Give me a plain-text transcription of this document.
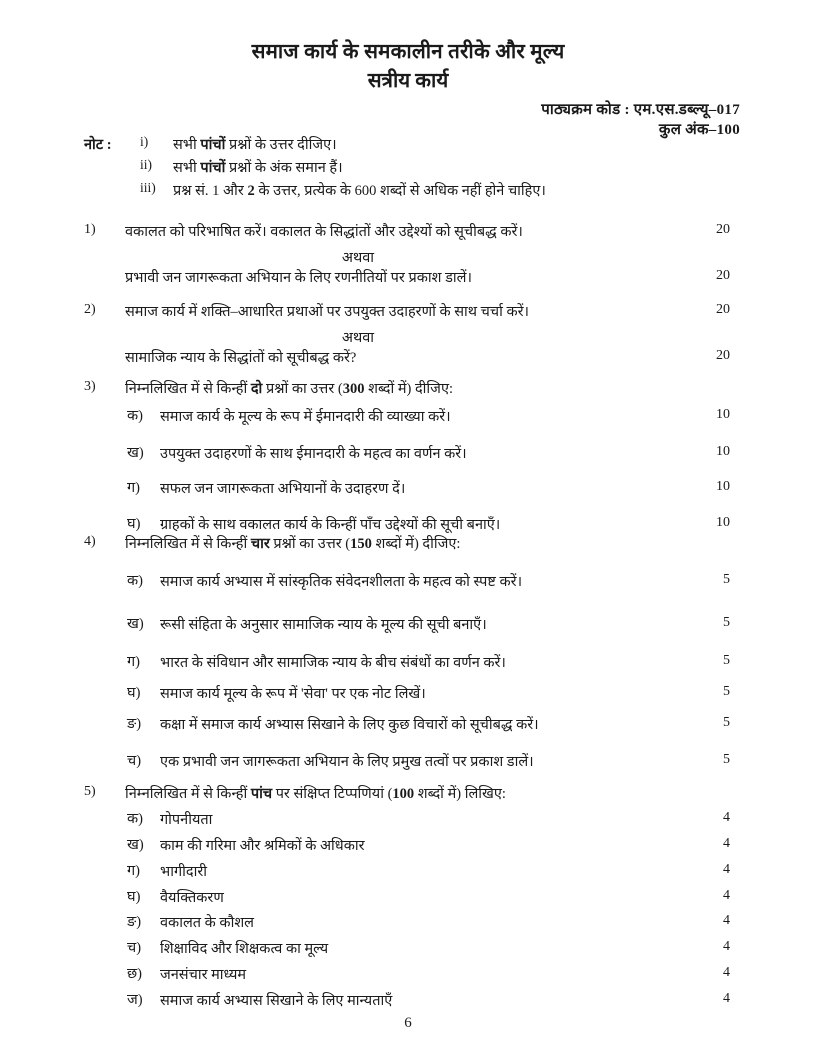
समाज कार्य के समकालीन तरीके और मूल्य
सत्रीय कार्य
पाठ्यक्रम कोड : एम.एस.डब्ल्यू–017
कुल अंक–100
नोट : i)	सभी पांचों प्रश्नों के उत्तर दीजिए।
ii)	सभी पांचों प्रश्नों के अंक समान हैं।
iii)	प्रश्न सं. 1 और 2 के उत्तर, प्रत्येक के 600 शब्दों से अधिक नहीं होने चाहिए।
1) वकालत को परिभाषित करें। वकालत के सिद्धांतों और उद्देश्यों को सूचीबद्ध करें।	20
अथवा
प्रभावी जन जागरूकता अभियान के लिए रणनीतियों पर प्रकाश डालें।	20
2) समाज कार्य में शक्ति–आधारित प्रथाओं पर उपयुक्त उदाहरणों के साथ चर्चा करें।	20
अथवा
सामाजिक न्याय के सिद्धांतों को सूचीबद्ध करें?	20
3) निम्नलिखित में से किन्हीं दो प्रश्नों का उत्तर (300 शब्दों में) दीजिए:
क) समाज कार्य के मूल्य के रूप में ईमानदारी की व्याख्या करें।	10
ख) उपयुक्त उदाहरणों के साथ ईमानदारी के महत्व का वर्णन करें।	10
ग) सफल जन जागरूकता अभियानों के उदाहरण दें।	10
घ) ग्राहकों के साथ वकालत कार्य के किन्हीं पाँच उद्देश्यों की सूची बनाएँ।	10
4) निम्नलिखित में से किन्हीं चार प्रश्नों का उत्तर (150 शब्दों में) दीजिए:
क) समाज कार्य अभ्यास में सांस्कृतिक संवेदनशीलता के महत्व को स्पष्ट करें।	5
ख) रूसी संहिता के अनुसार सामाजिक न्याय के मूल्य की सूची बनाएँ।	5
ग) भारत के संविधान और सामाजिक न्याय के बीच संबंधों का वर्णन करें।	5
घ) समाज कार्य मूल्य के रूप में 'सेवा' पर एक नोट लिखें।	5
ङ) कक्षा में समाज कार्य अभ्यास सिखाने के लिए कुछ विचारों को सूचीबद्ध करें।	5
च) एक प्रभावी जन जागरूकता अभियान के लिए प्रमुख तत्वों पर प्रकाश डालें।	5
5) निम्नलिखित में से किन्हीं पांच पर संक्षिप्त टिप्पणियां (100 शब्दों में) लिखिए:
क) गोपनीयता	4
ख) काम की गरिमा और श्रमिकों के अधिकार	4
ग) भागीदारी	4
घ) वैयक्तिकरण	4
ङ) वकालत के कौशल	4
च) शिक्षाविद और शिक्षकत्व का मूल्य	4
छ) जनसंचार माध्यम	4
ज) समाज कार्य अभ्यास सिखाने के लिए मान्यताएँ	4
6
